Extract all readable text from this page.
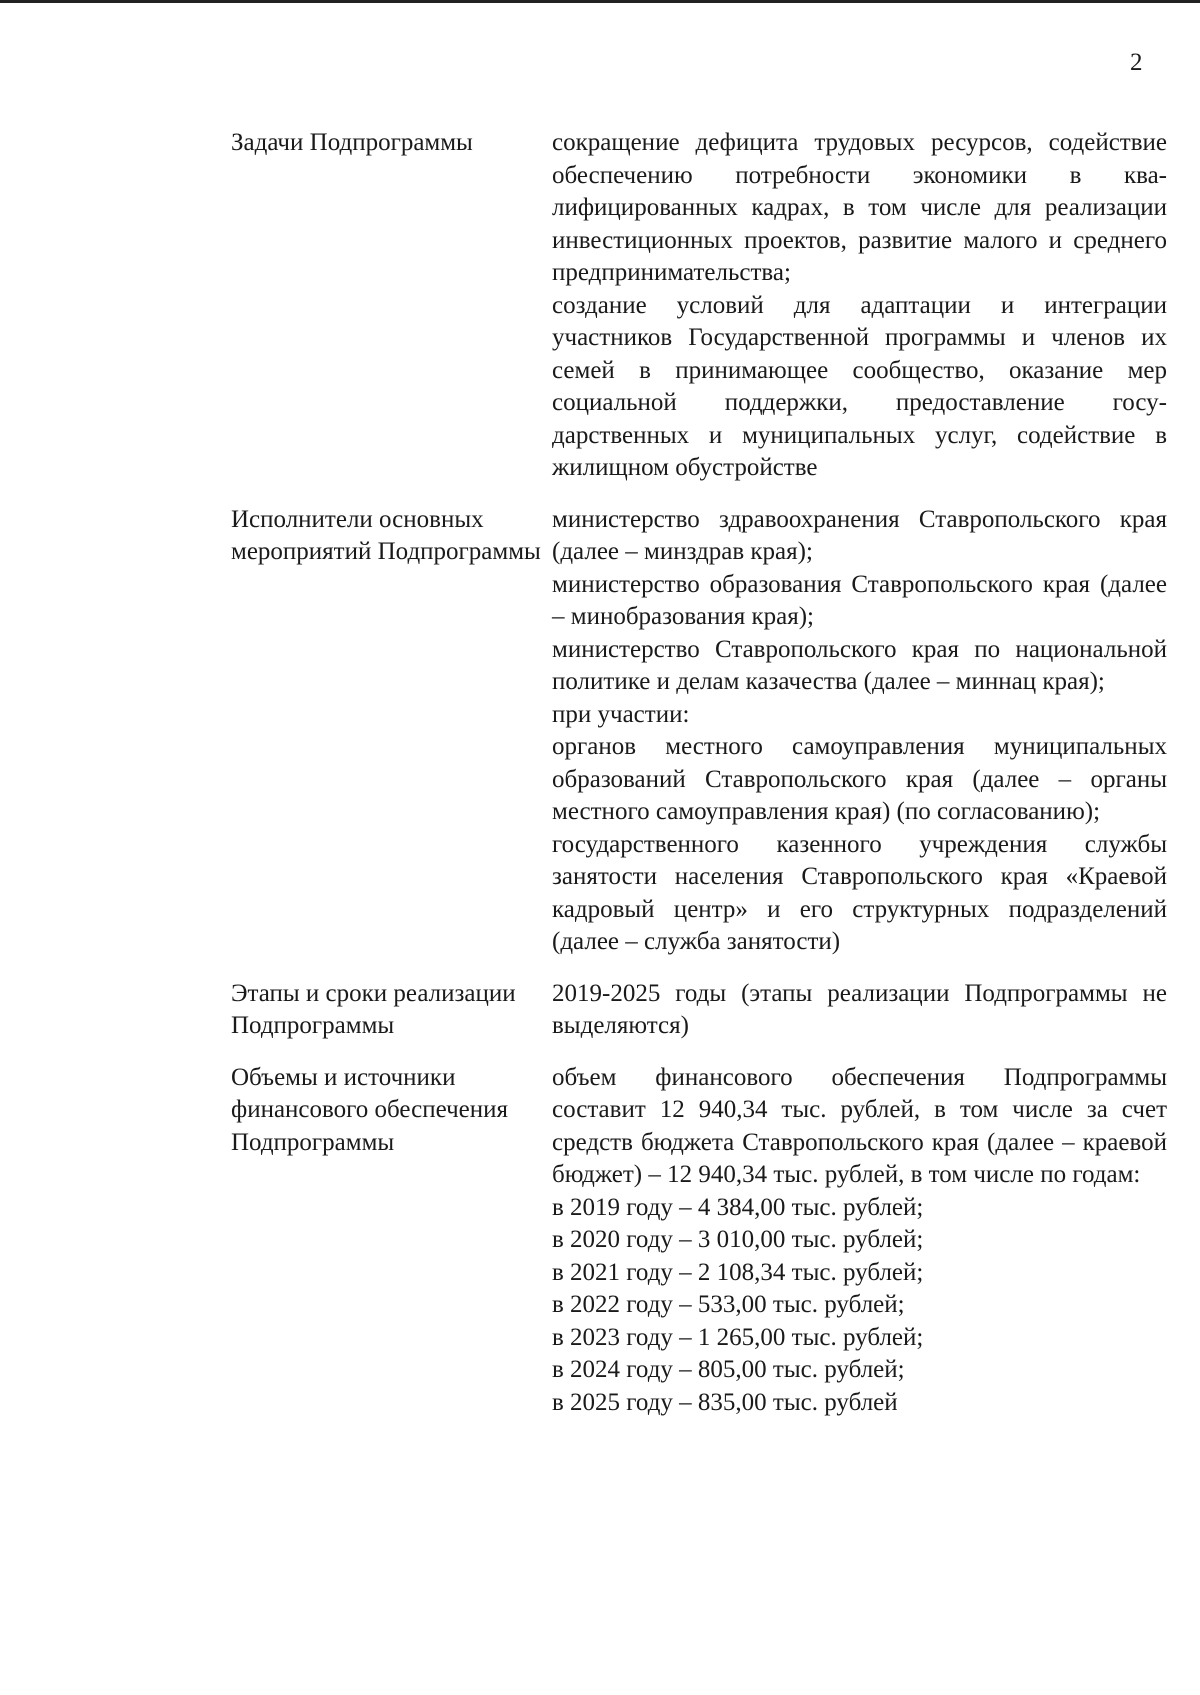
2
Задачи Подпрограммы	сокращение дефицита трудовых ресурсов, содействие обеспечению потребности экономики в квалифицированных кадрах, в том числе для реализации инвестиционных проектов, развитие малого и среднего предпринимательства;
создание условий для адаптации и интеграции участников Государственной программы и членов их семей в принимающее сообщество, оказание мер социальной поддержки, предоставление государственных и муниципальных услуг, содействие в жилищном обустройстве
Исполнители основных мероприятий Подпрограммы
министерство здравоохранения Ставропольского края (далее – минздрав края);
министерство образования Ставропольского края (далее – минобразования края);
министерство Ставропольского края по национальной политике и делам казачества (далее – миннац края);
при участии:
органов местного самоуправления муниципальных образований Ставропольского края (далее – органы местного самоуправления края) (по согласованию);
государственного казенного учреждения службы занятости населения Ставропольского края «Краевой кадровый центр» и его структурных подразделений (далее – служба занятости)
Этапы и сроки реализации Подпрограммы
2019-2025 годы (этапы реализации Подпрограммы не выделяются)
Объемы и источники финансового обеспечения Подпрограммы
объем финансового обеспечения Подпрограммы составит 12 940,34 тыс. рублей, в том числе за счет средств бюджета Ставропольского края (далее – краевой бюджет) – 12 940,34 тыс. рублей, в том числе по годам:
в 2019 году – 4 384,00 тыс. рублей;
в 2020 году – 3 010,00 тыс. рублей;
в 2021 году – 2 108,34 тыс. рублей;
в 2022 году – 533,00 тыс. рублей;
в 2023 году – 1 265,00 тыс. рублей;
в 2024 году – 805,00 тыс. рублей;
в 2025 году – 835,00 тыс. рублей
